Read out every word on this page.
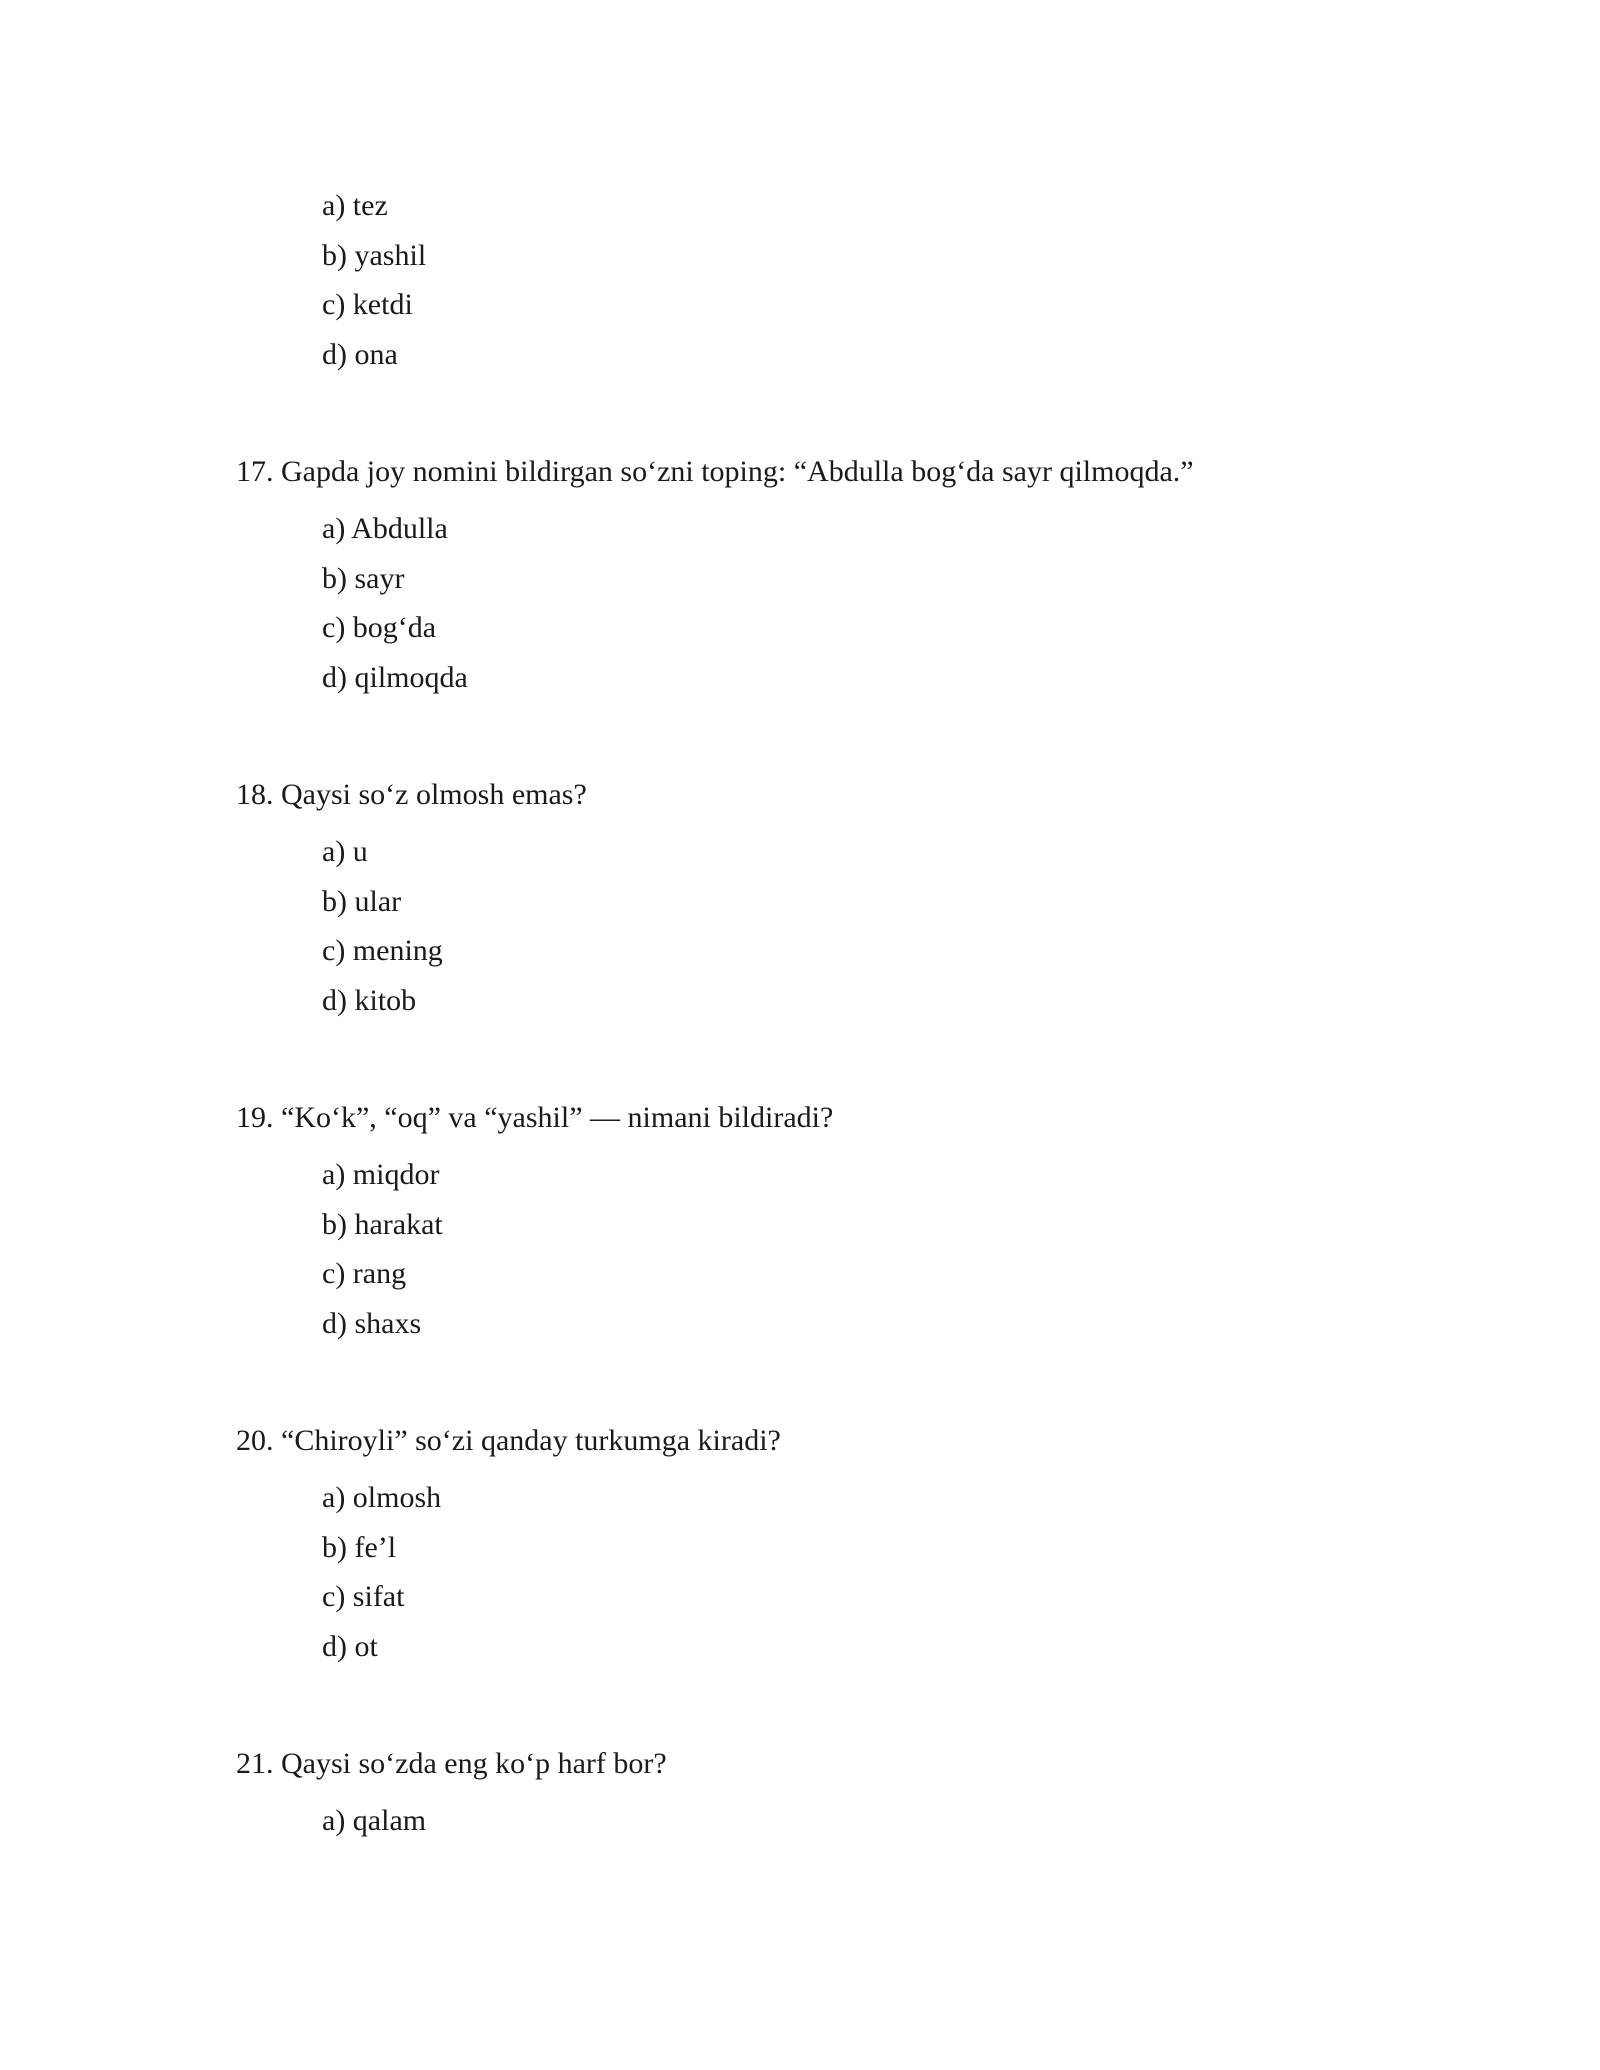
a) tez
b) yashil
c) ketdi
d) ona
17. Gapda joy nomini bildirgan so‘zni toping: “Abdulla bog‘da sayr qilmoqda.”
a) Abdulla
b) sayr
c) bog‘da
d) qilmoqda
18. Qaysi so‘z olmosh emas?
a) u
b) ular
c) mening
d) kitob
19. “Ko‘k”, “oq” va “yashil” — nimani bildiradi?
a) miqdor
b) harakat
c) rang
d) shaxs
20. “Chiroyli” so‘zi qanday turkumga kiradi?
a) olmosh
b) fe’l
c) sifat
d) ot
21. Qaysi so‘zda eng ko‘p harf bor?
a) qalam
